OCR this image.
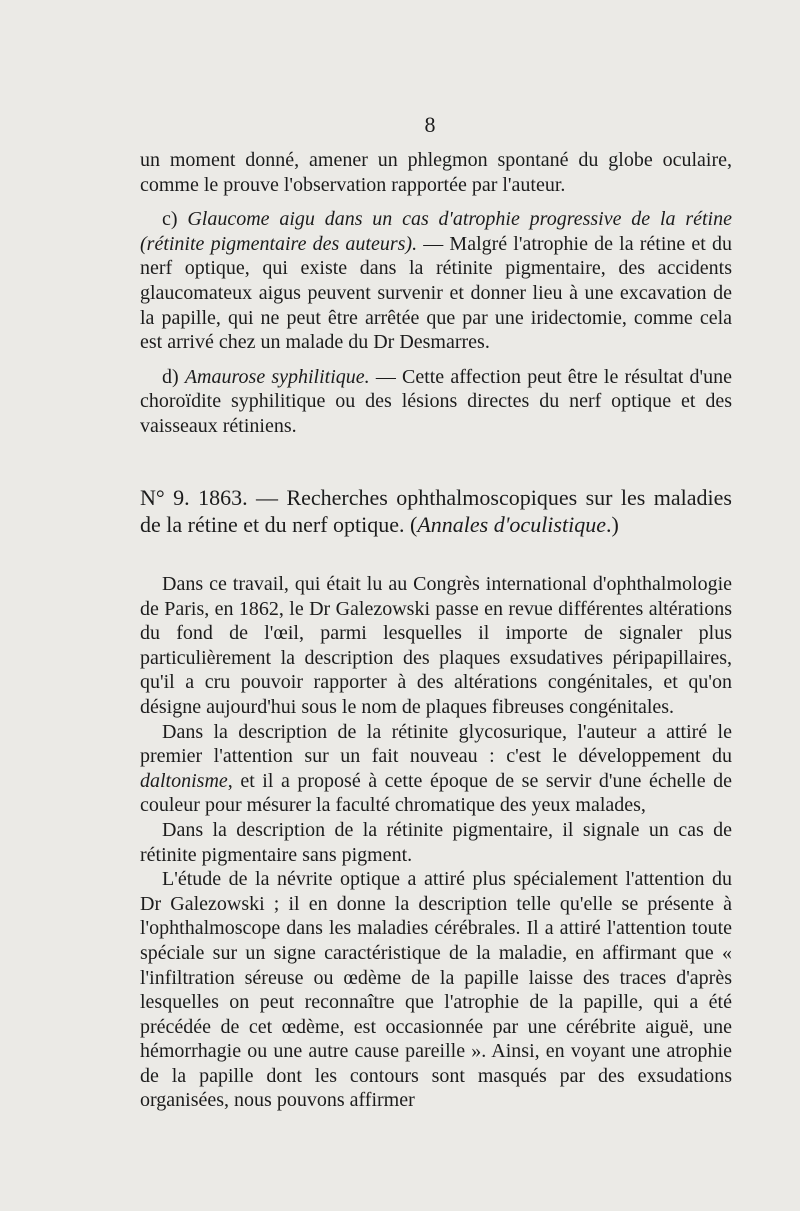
8

un moment donné, amener un phlegmon spontané du globe oculaire, comme le prouve l'observation rapportée par l'auteur.

c) Glaucome aigu dans un cas d'atrophie progressive de la rétine (rétinite pigmentaire des auteurs). — Malgré l'atrophie de la rétine et du nerf optique, qui existe dans la rétinite pigmentaire, des accidents glaucomateux aigus peuvent survenir et donner lieu à une excavation de la papille, qui ne peut être arrêtée que par une iridectomie, comme cela est arrivé chez un malade du Dr Desmarres.

d) Amaurose syphilitique. — Cette affection peut être le résultat d'une choroïdite syphilitique ou des lésions directes du nerf optique et des vaisseaux rétiniens.

N° 9. 1863. — Recherches ophthalmoscopiques sur les maladies de la rétine et du nerf optique. (Annales d'oculistique.)

Dans ce travail, qui était lu au Congrès international d'ophthalmologie de Paris, en 1862, le Dr Galezowski passe en revue différentes altérations du fond de l'œil, parmi lesquelles il importe de signaler plus particulièrement la description des plaques exsudatives péripapillaires, qu'il a cru pouvoir rapporter à des altérations congénitales, et qu'on désigne aujourd'hui sous le nom de plaques fibreuses congénitales.

Dans la description de la rétinite glycosurique, l'auteur a attiré le premier l'attention sur un fait nouveau : c'est le développement du daltonisme, et il a proposé à cette époque de se servir d'une échelle de couleur pour mésurer la faculté chromatique des yeux malades,

Dans la description de la rétinite pigmentaire, il signale un cas de rétinite pigmentaire sans pigment.

L'étude de la névrite optique a attiré plus spécialement l'attention du Dr Galezowski ; il en donne la description telle qu'elle se présente à l'ophthalmoscope dans les maladies cérébrales. Il a attiré l'attention toute spéciale sur un signe caractéristique de la maladie, en affirmant que « l'infiltration séreuse ou œdème de la papille laisse des traces d'après lesquelles on peut reconnaître que l'atrophie de la papille, qui a été précédée de cet œdème, est occasionnée par une cérébrite aiguë, une hémorrhagie ou une autre cause pareille ». Ainsi, en voyant une atrophie de la papille dont les contours sont masqués par des exsudations organisées, nous pouvons affirmer
